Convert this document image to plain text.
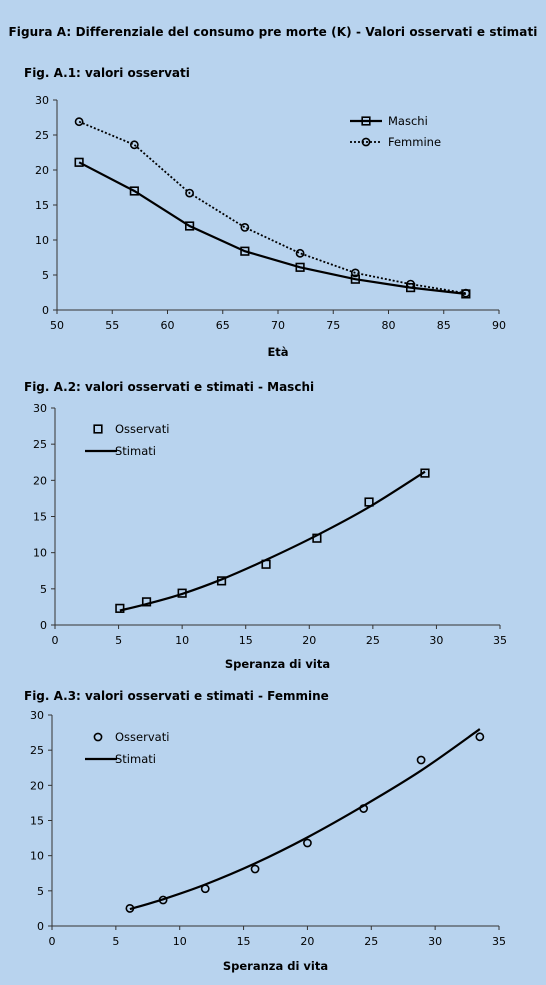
Figura A: Differenziale del consumo pre morte (K) - Valori osservati e stimati
Fig. A.1: valori osservati
Fig. A.2: valori osservati e stimati - Maschi
Fig. A.3: valori osservati e stimati - Femmine
0
5
10
15
20
25
30
50	55	60	65	70	75	80	85	90
Età
Maschi
Femmine
0
5
10
15
20
25
30
0	5	10	15	20	25	30	35
Speranza di vita
Osservati
Stimati
0
5
10
15
20
25
30
0	5	10	15	20	25	30	35
Speranza di vita
Osservati
Stimati
